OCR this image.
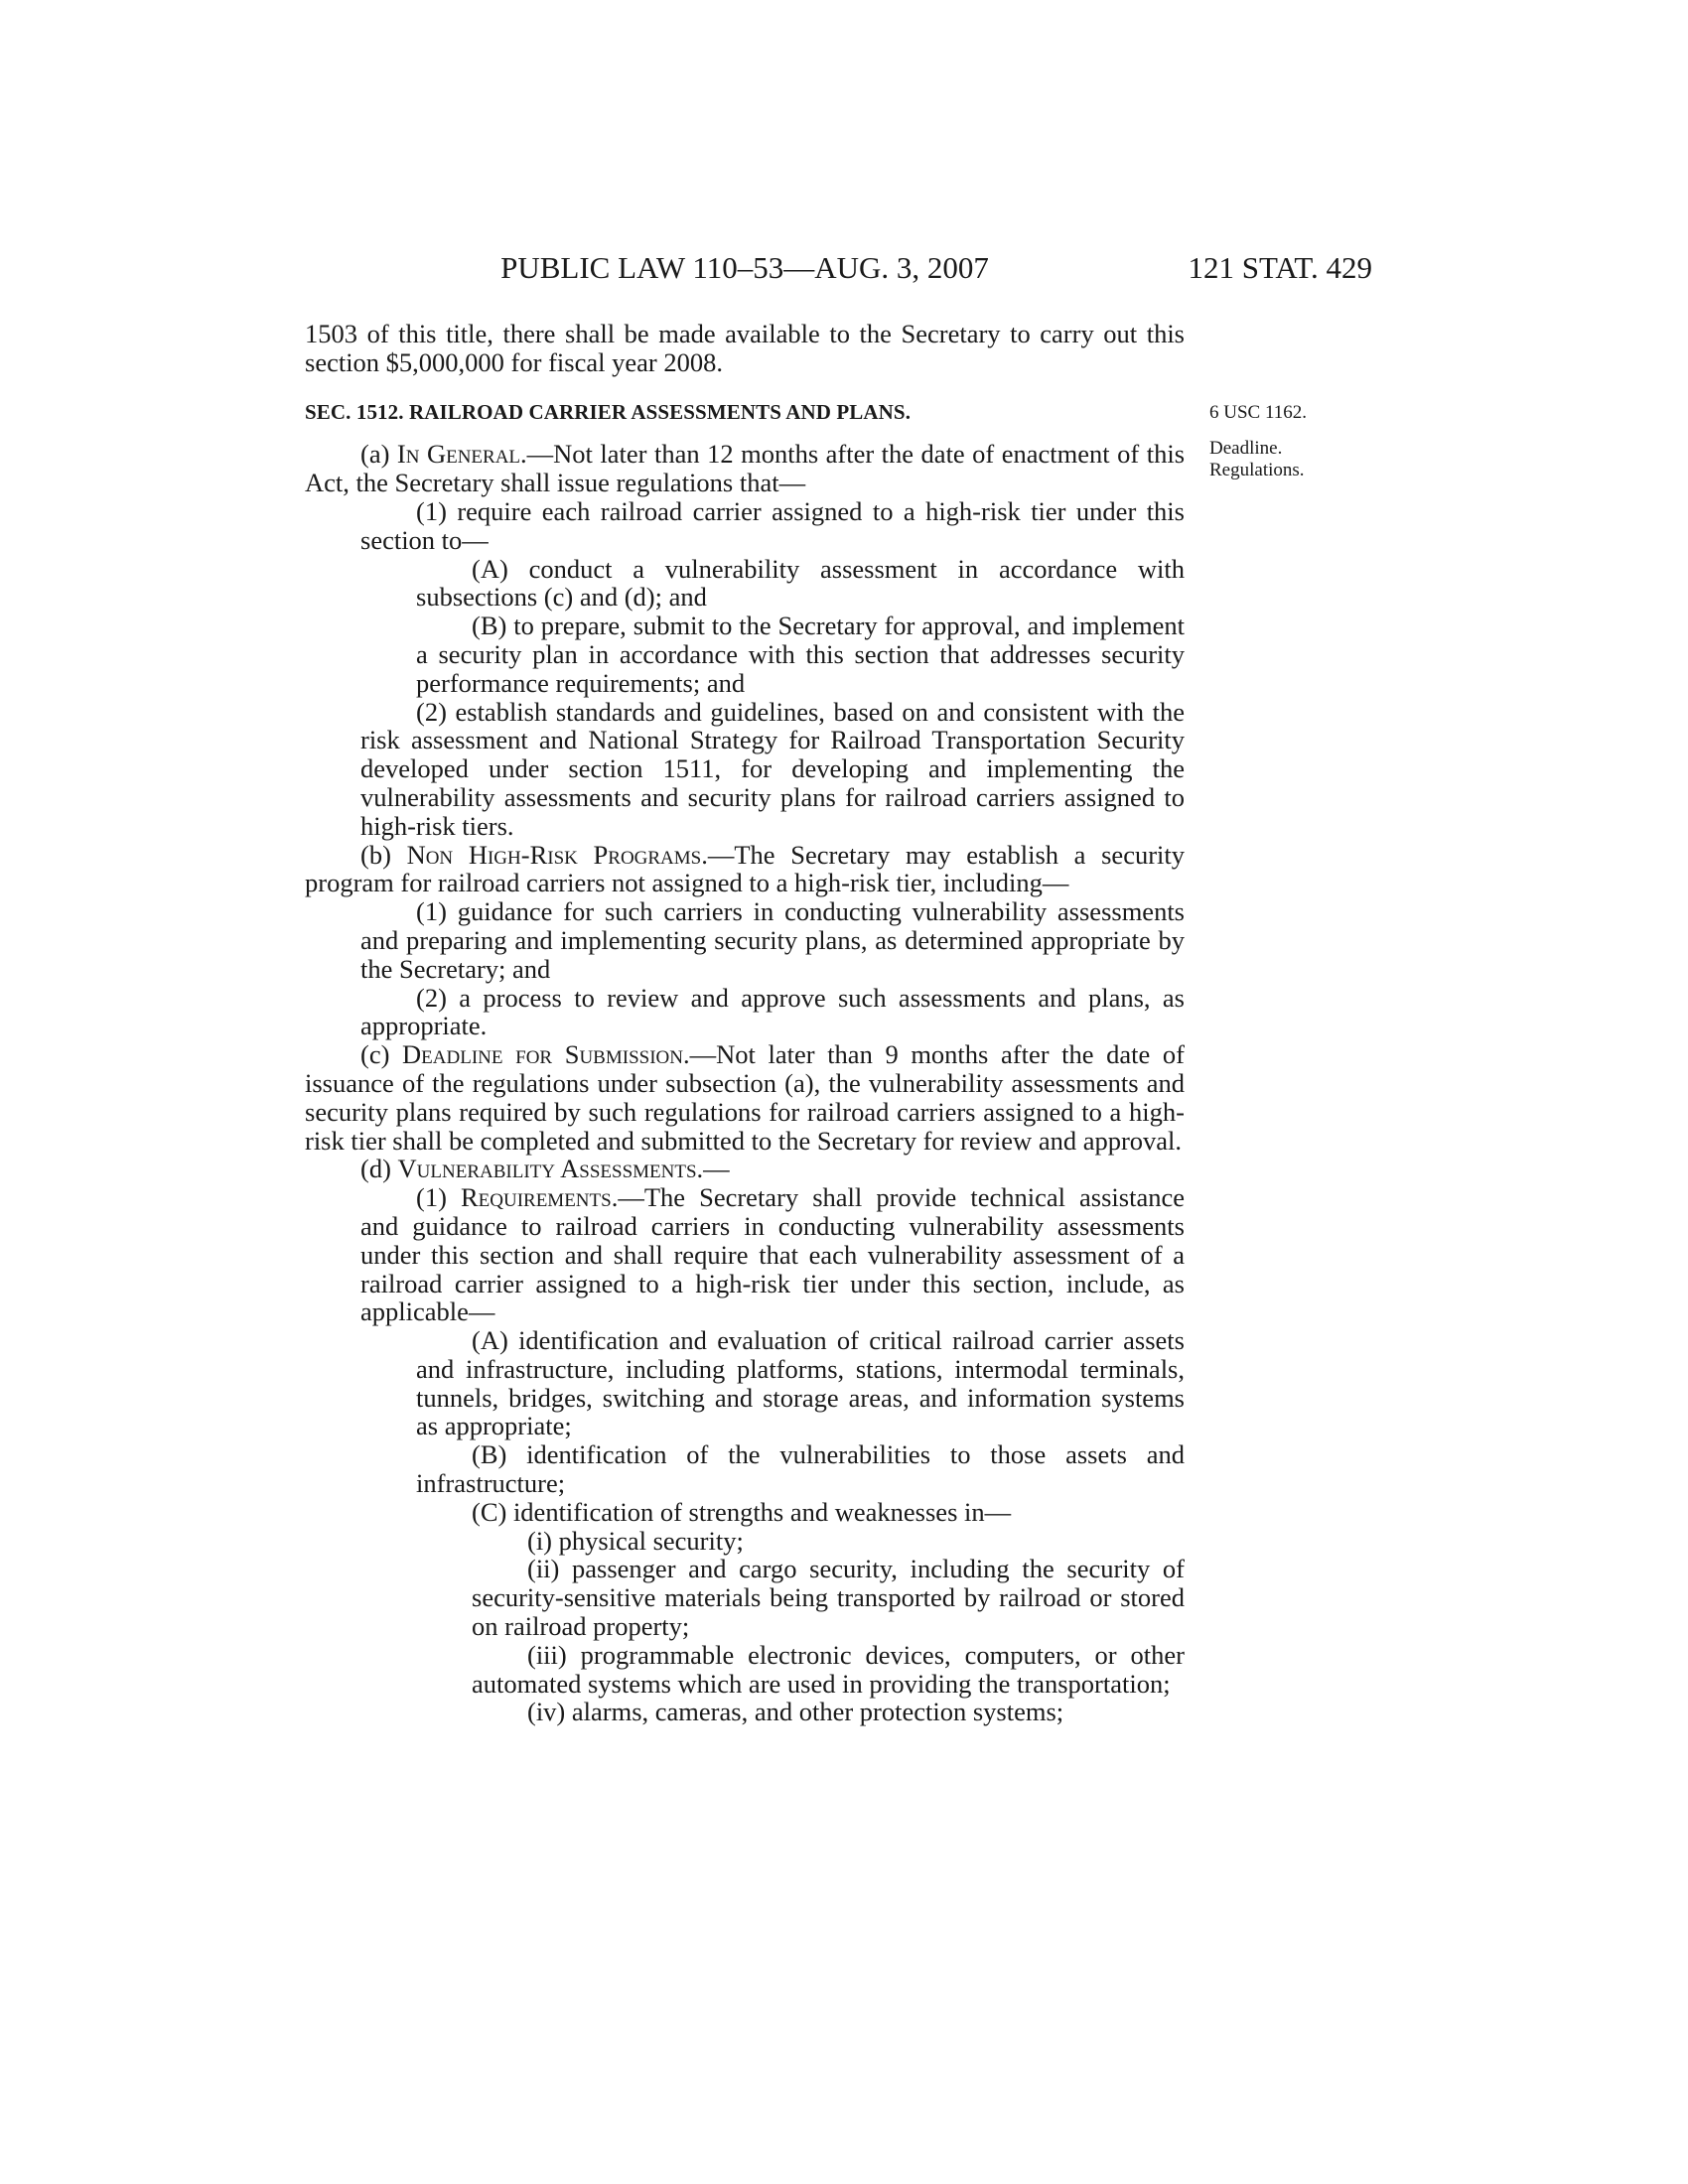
PUBLIC LAW 110–53—AUG. 3, 2007	121 STAT. 429
6 USC 1162.
Deadline.
Regulations.

1503 of this title, there shall be made available to the Secretary to carry out this section $5,000,000 for fiscal year 2008.

SEC. 1512. RAILROAD CARRIER ASSESSMENTS AND PLANS.

(a) In General.—Not later than 12 months after the date of enactment of this Act, the Secretary shall issue regulations that—

(1) require each railroad carrier assigned to a high-risk tier under this section to—

(A) conduct a vulnerability assessment in accordance with subsections (c) and (d); and

(B) to prepare, submit to the Secretary for approval, and implement a security plan in accordance with this section that addresses security performance requirements; and

(2) establish standards and guidelines, based on and consistent with the risk assessment and National Strategy for Railroad Transportation Security developed under section 1511, for developing and implementing the vulnerability assessments and security plans for railroad carriers assigned to high-risk tiers.

(b) Non High-Risk Programs.—The Secretary may establish a security program for railroad carriers not assigned to a high-risk tier, including—

(1) guidance for such carriers in conducting vulnerability assessments and preparing and implementing security plans, as determined appropriate by the Secretary; and

(2) a process to review and approve such assessments and plans, as appropriate.

(c) Deadline for Submission.—Not later than 9 months after the date of issuance of the regulations under subsection (a), the vulnerability assessments and security plans required by such regulations for railroad carriers assigned to a high-risk tier shall be completed and submitted to the Secretary for review and approval.

(d) Vulnerability Assessments.—

(1) Requirements.—The Secretary shall provide technical assistance and guidance to railroad carriers in conducting vulnerability assessments under this section and shall require that each vulnerability assessment of a railroad carrier assigned to a high-risk tier under this section, include, as applicable—

(A) identification and evaluation of critical railroad carrier assets and infrastructure, including platforms, stations, intermodal terminals, tunnels, bridges, switching and storage areas, and information systems as appropriate;

(B) identification of the vulnerabilities to those assets and infrastructure;

(C) identification of strengths and weaknesses in—

(i) physical security;

(ii) passenger and cargo security, including the security of security-sensitive materials being transported by railroad or stored on railroad property;

(iii) programmable electronic devices, computers, or other automated systems which are used in providing the transportation;

(iv) alarms, cameras, and other protection systems;
